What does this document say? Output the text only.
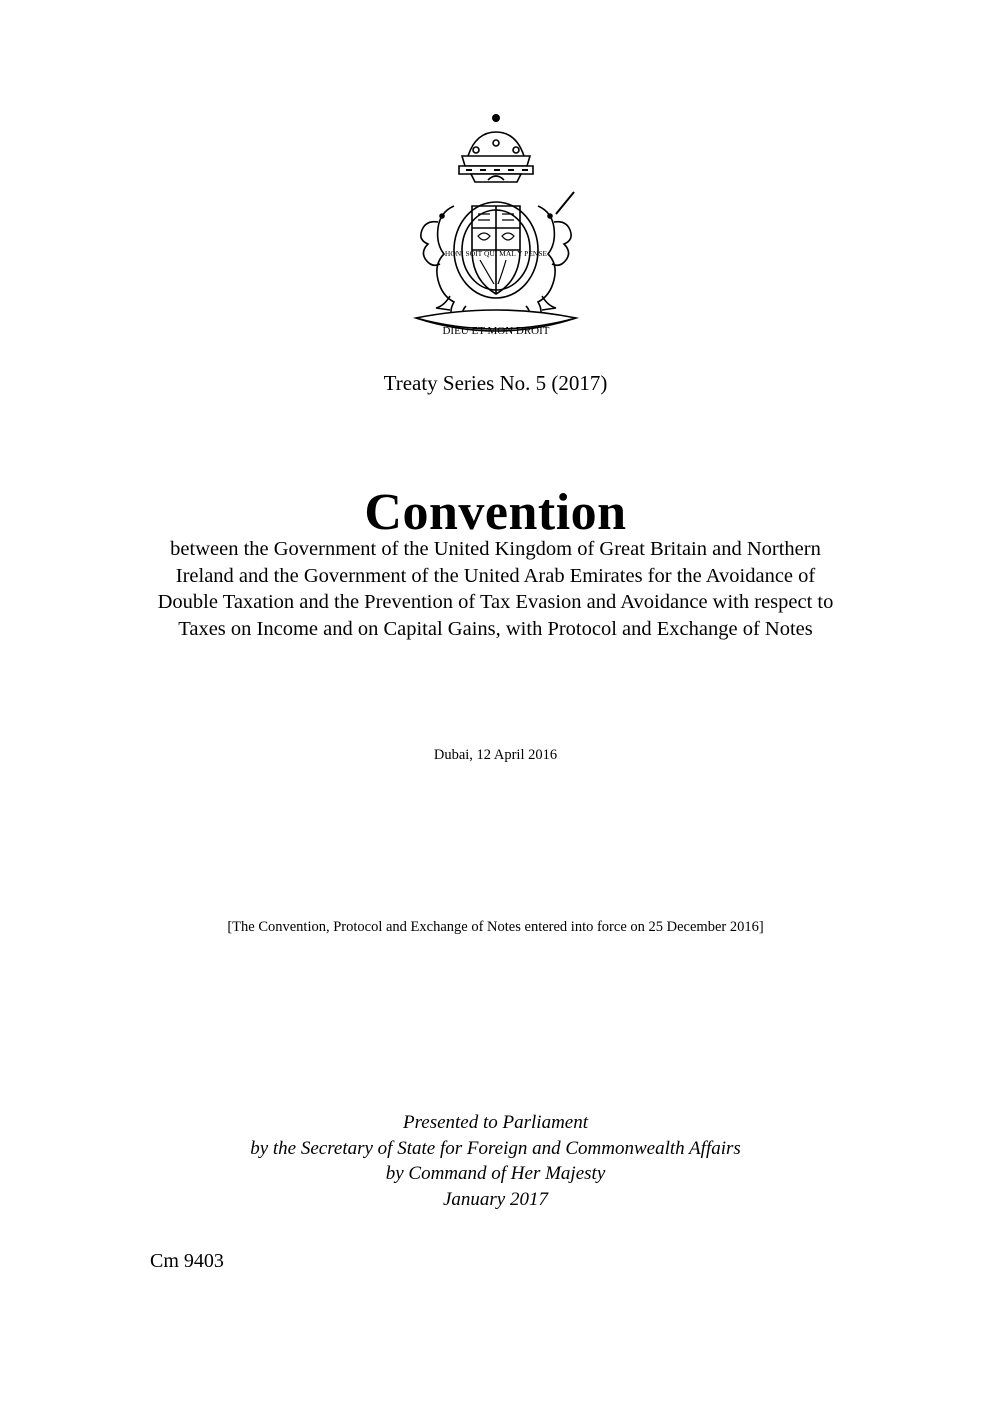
DIEU ET MON DROIT
HONI SOIT QUI MAL Y PENSE
Treaty Series No. 5 (2017)
Convention
between the Government of the United Kingdom of Great Britain and Northern Ireland and the Government of the United Arab Emirates for the Avoidance of Double Taxation and the Prevention of Tax Evasion and Avoidance with respect to Taxes on Income and on Capital Gains, with Protocol and Exchange of Notes
Dubai, 12 April 2016
[The Convention, Protocol and Exchange of Notes entered into force on 25 December 2016]
Presented to Parliament
by the Secretary of State for Foreign and Commonwealth Affairs
by Command of Her Majesty
January 2017
Cm 9403
